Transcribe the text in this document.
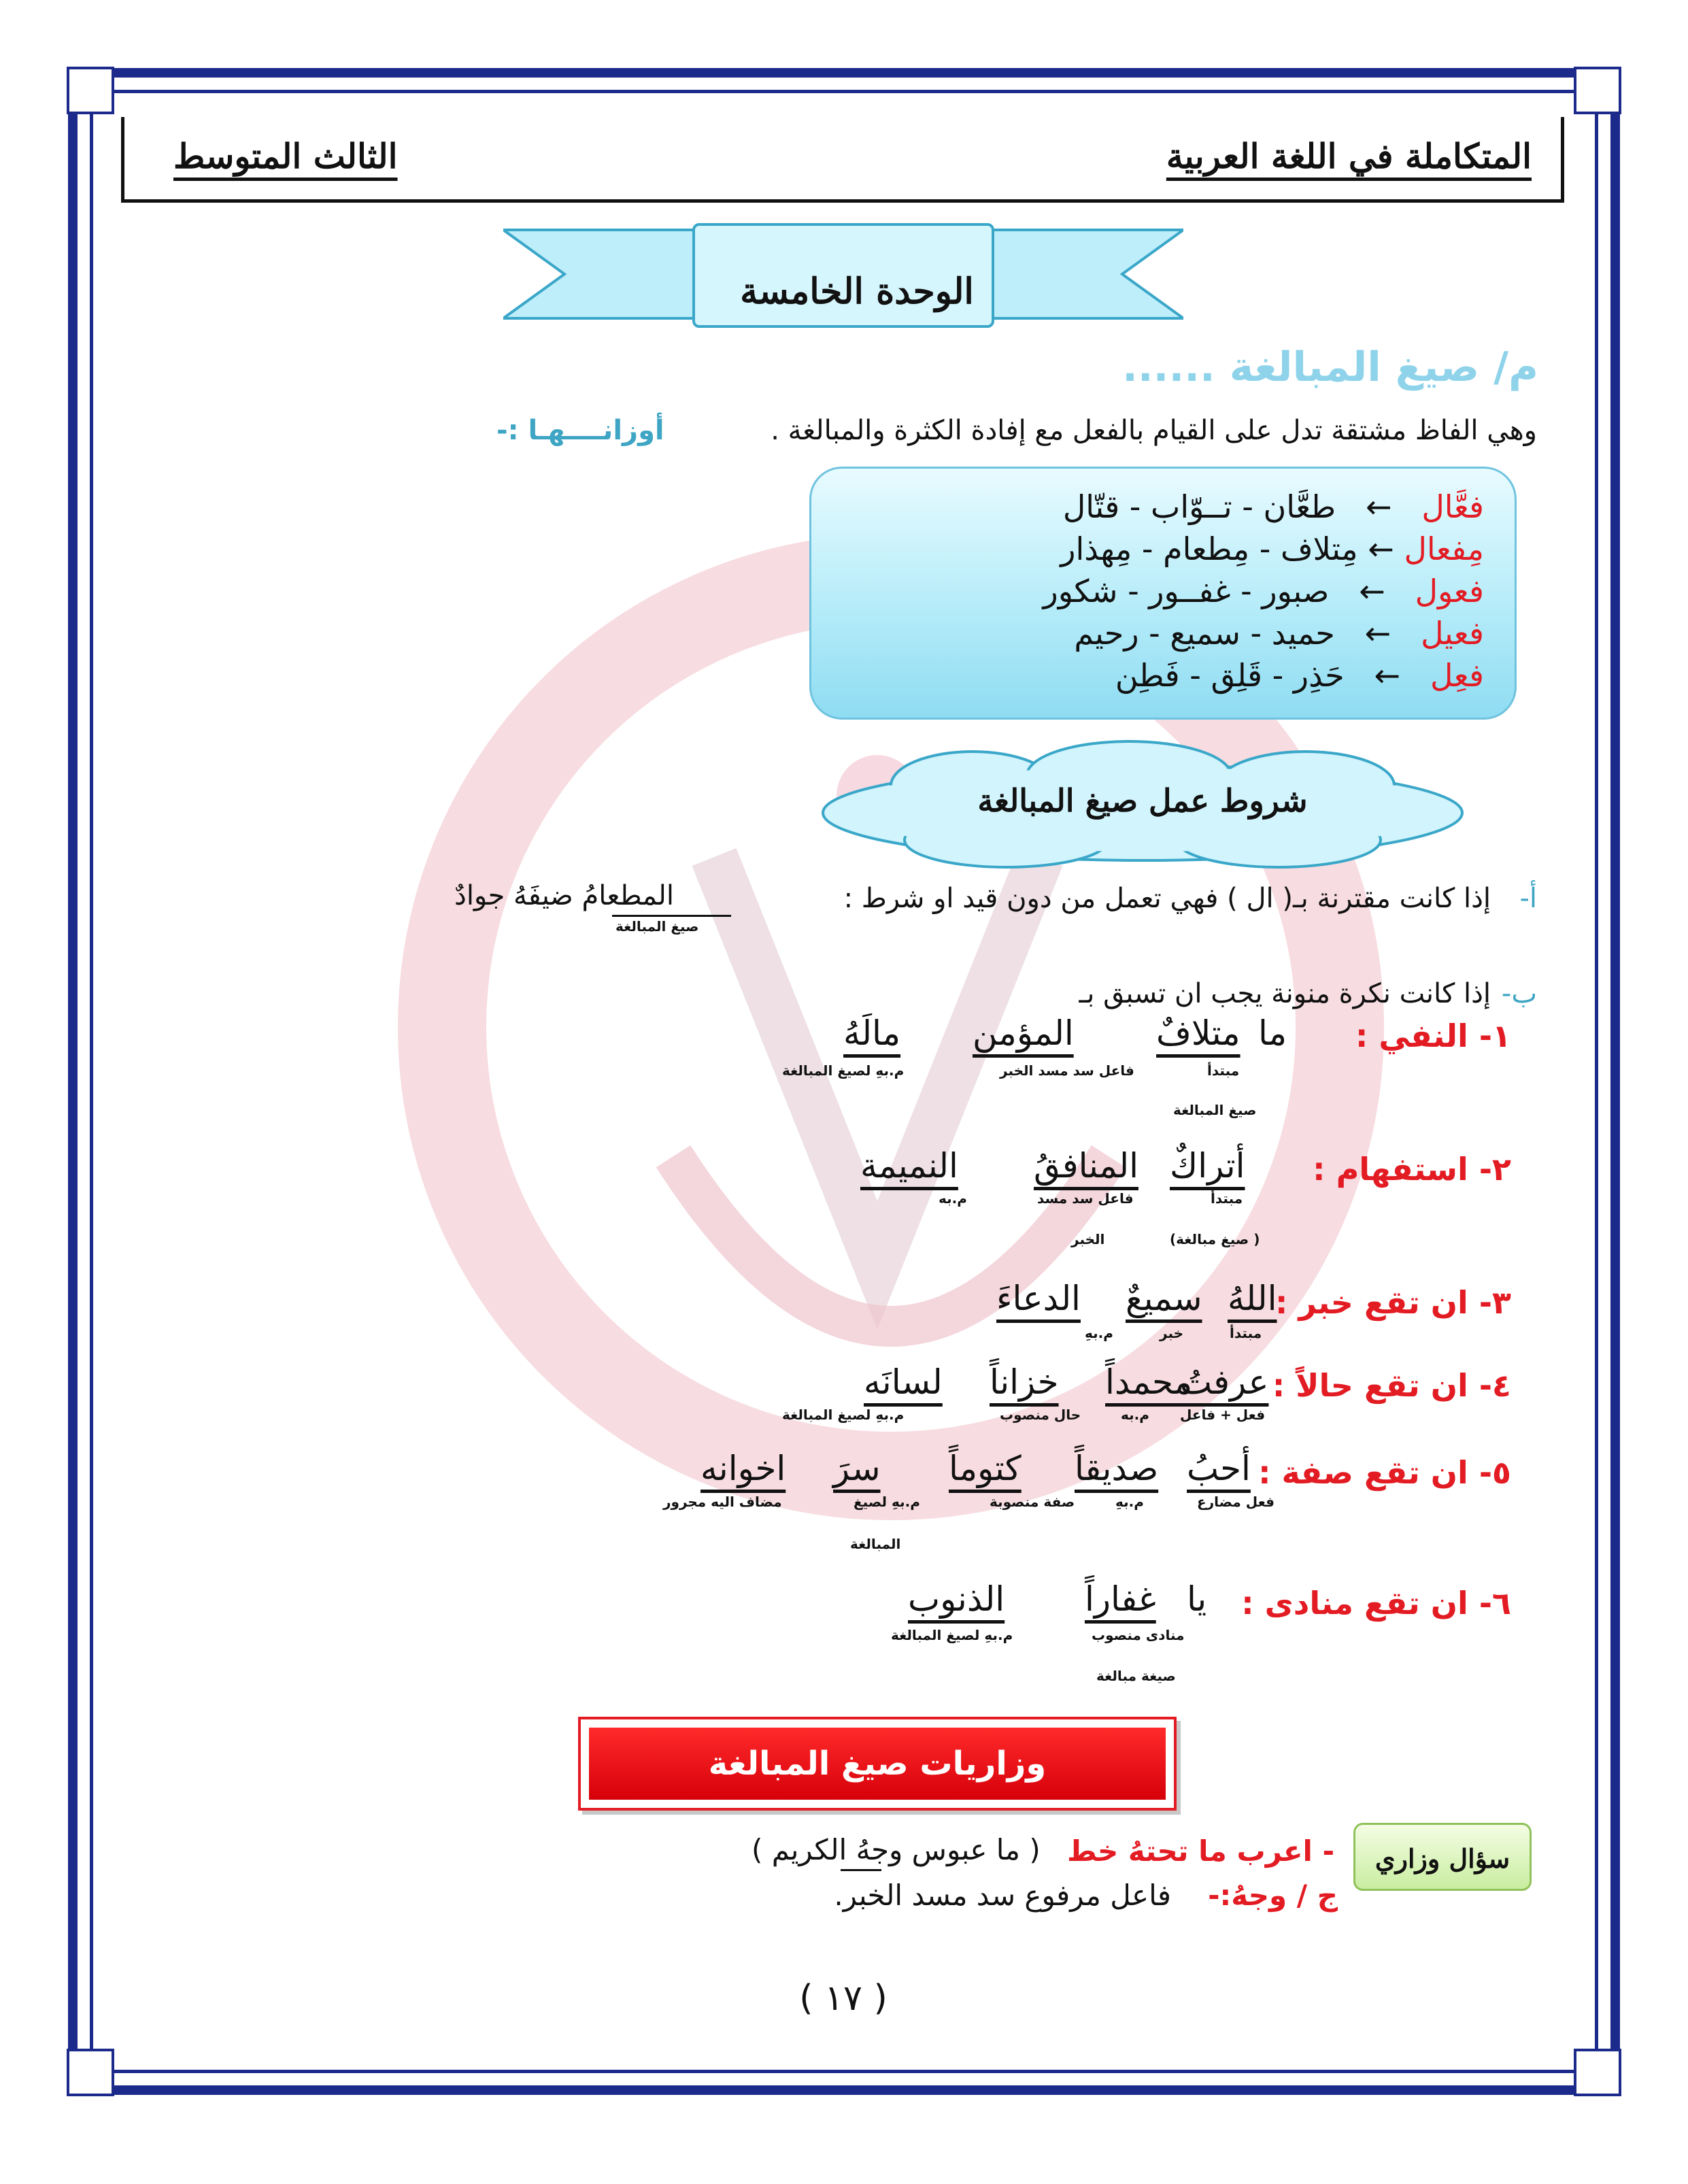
المتكاملة في اللغة العربية
الثالث المتوسط
الوحدة الخامسة
م/ صيغ المبالغة ......
وهي الفاظ مشتقة تدل على القيام بالفعل مع إفادة الكثرة والمبالغة .
أوزانــــهـا :-
فعَّال   ←   طعَّان - تــوّاب - قتّال
مِفعال ← مِتلاف - مِطعام - مِهذار
فعول   ←   صبور - غفــور - شكور
فعيل   ←   حميد - سميع - رحيم
فعِل   ←   حَذِر - قَلِق - فَطِن
شروط عمل صيغ المبالغة
أ-
إذا كانت مقترنة بـ( ال ) فهي تعمل من دون قيد او شرط :
المطعامُ ضيفَهُ جوادٌ
صيغ المبالغة
ب-
إذا كانت نكرة منونة يجب ان تسبق بـ
١- النفي :
ما
متلافٌ
المؤمن
مالَهُ
مبتدأ
فاعل سد مسد الخبر
م.بهِ لصيغ المبالغة
صيغ المبالغة
٢- استفهام :
أتراكٌ
المنافقُ
النميمة
مبتدأ
فاعل سد مسد
م.به
( صيغ مبالغة)
الخبر
٣- ان تقع خبر :
اللهُ
سميعٌ
الدعاءَ
مبتدأ
خبر
م.بهِ
٤- ان تقع حالاً :
عرفتُ
محمداً
خزاناً
لسانَه
فعل + فاعل
م.به
حال منصوب
م.بهِ لصيغ المبالغة
٥- ان تقع صفة :
أحبُ
صديقاً
كتوماً
سرَ
اخوانه
فعل مضارع
م.بهِ
صفة منصوبة
م.بهِ لصيغ
مضاف اليه مجرور
المبالغة
٦- ان تقع منادى :
يا
غفاراً
الذنوب
منادى منصوب
م.بهِ لصيغ المبالغة
صيغة مبالغة
وزاريات صيغ المبالغة
سؤال وزاري
- اعرب ما تحتهُ خط
( ما عبوس وجهُ الكريم )
ج / وجهُ:-
فاعل مرفوع سد مسد الخبر.
( ١٧ )
